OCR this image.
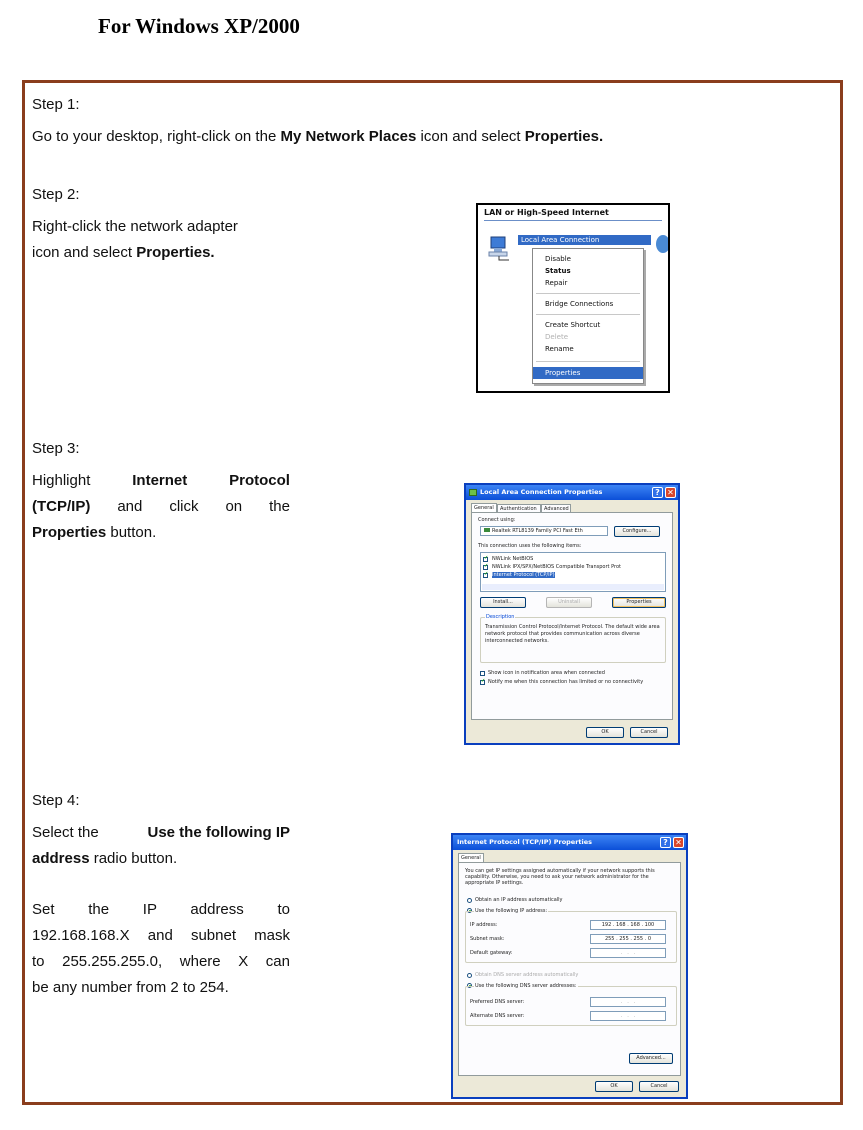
For Windows XP/2000
Step 1:
Go to your desktop, right-click on the My Network Places icon and select Properties.
Step 2:
Right-click the network adapter
icon and select Properties.
LAN or High-Speed Internet
Local Area Connection
Disable
Status
Repair
Bridge Connections
Create Shortcut
Delete
Rename
Properties
Step 3:
Highlight	Internet	Protocol
(TCP/IP) and click on the
Properties button.
Local Area Connection Properties	? ✕
General	Authentication	Advanced
Connect using:
Realtek RTL8139 Family PCI Fast Eth	Configure...
This connection uses the following items:
✔
NWLink NetBIOS
✔
NWLink IPX/SPX/NetBIOS Compatible Transport Prot
✔
Internet Protocol (TCP/IP)
Install...	Uninstall	Properties
Description
Transmission Control Protocol/Internet Protocol. The default wide area network protocol that provides communication across diverse interconnected networks.
Show icon in notification area when connected
✔
Notify me when this connection has limited or no connectivity
OK	Cancel
Step 4:
Select the	Use the following IP
address radio button.
Set the IP address to
192.168.168.X and subnet mask
to 255.255.255.0, where X can
be any number from 2 to 254.
Internet Protocol (TCP/IP) Properties	? ✕
General
You can get IP settings assigned automatically if your network supports this capability. Otherwise, you need to ask your network administrator for the appropriate IP settings.
Obtain an IP address automatically
Use the following IP address:
IP address:	192 . 168 . 168 . 100
Subnet mask:	255 . 255 . 255 . 0
Default gateway:	.   .   .
Obtain DNS server address automatically
Use the following DNS server addresses:
Preferred DNS server:	.   .   .
Alternate DNS server:	.   .   .
Advanced...
OK	Cancel
